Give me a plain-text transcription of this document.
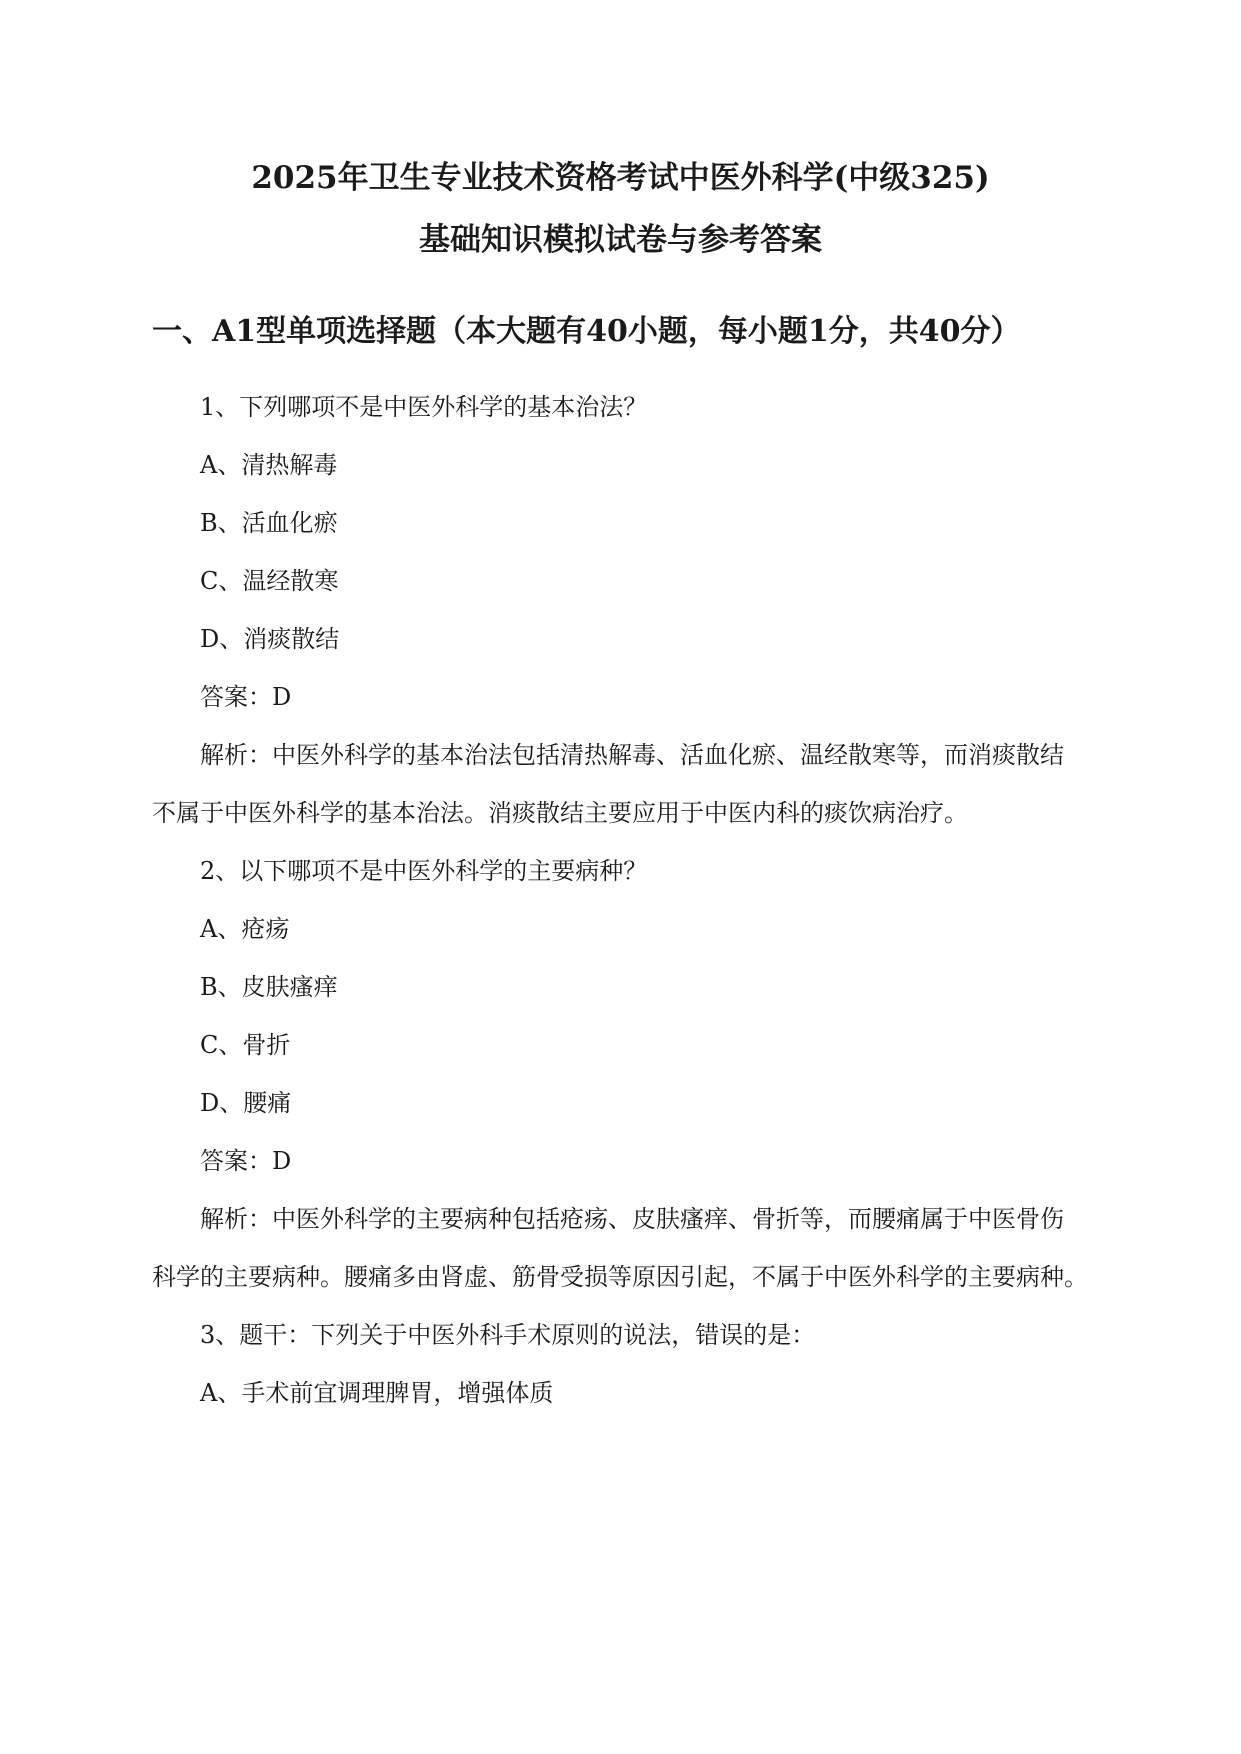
2025年卫生专业技术资格考试中医外科学(中级325)
基础知识模拟试卷与参考答案
一、A1型单项选择题（本大题有40小题，每小题1分，共40分）
1、下列哪项不是中医外科学的基本治法？
A、清热解毒
B、活血化瘀
C、温经散寒
D、消痰散结
答案：D
解析：中医外科学的基本治法包括清热解毒、活血化瘀、温经散寒等，而消痰散结
不属于中医外科学的基本治法。消痰散结主要应用于中医内科的痰饮病治疗。
2、以下哪项不是中医外科学的主要病种？
A、疮疡
B、皮肤瘙痒
C、骨折
D、腰痛
答案：D
解析：中医外科学的主要病种包括疮疡、皮肤瘙痒、骨折等，而腰痛属于中医骨伤
科学的主要病种。腰痛多由肾虚、筋骨受损等原因引起，不属于中医外科学的主要病种。
3、题干：下列关于中医外科手术原则的说法，错误的是：
A、手术前宜调理脾胃，增强体质
